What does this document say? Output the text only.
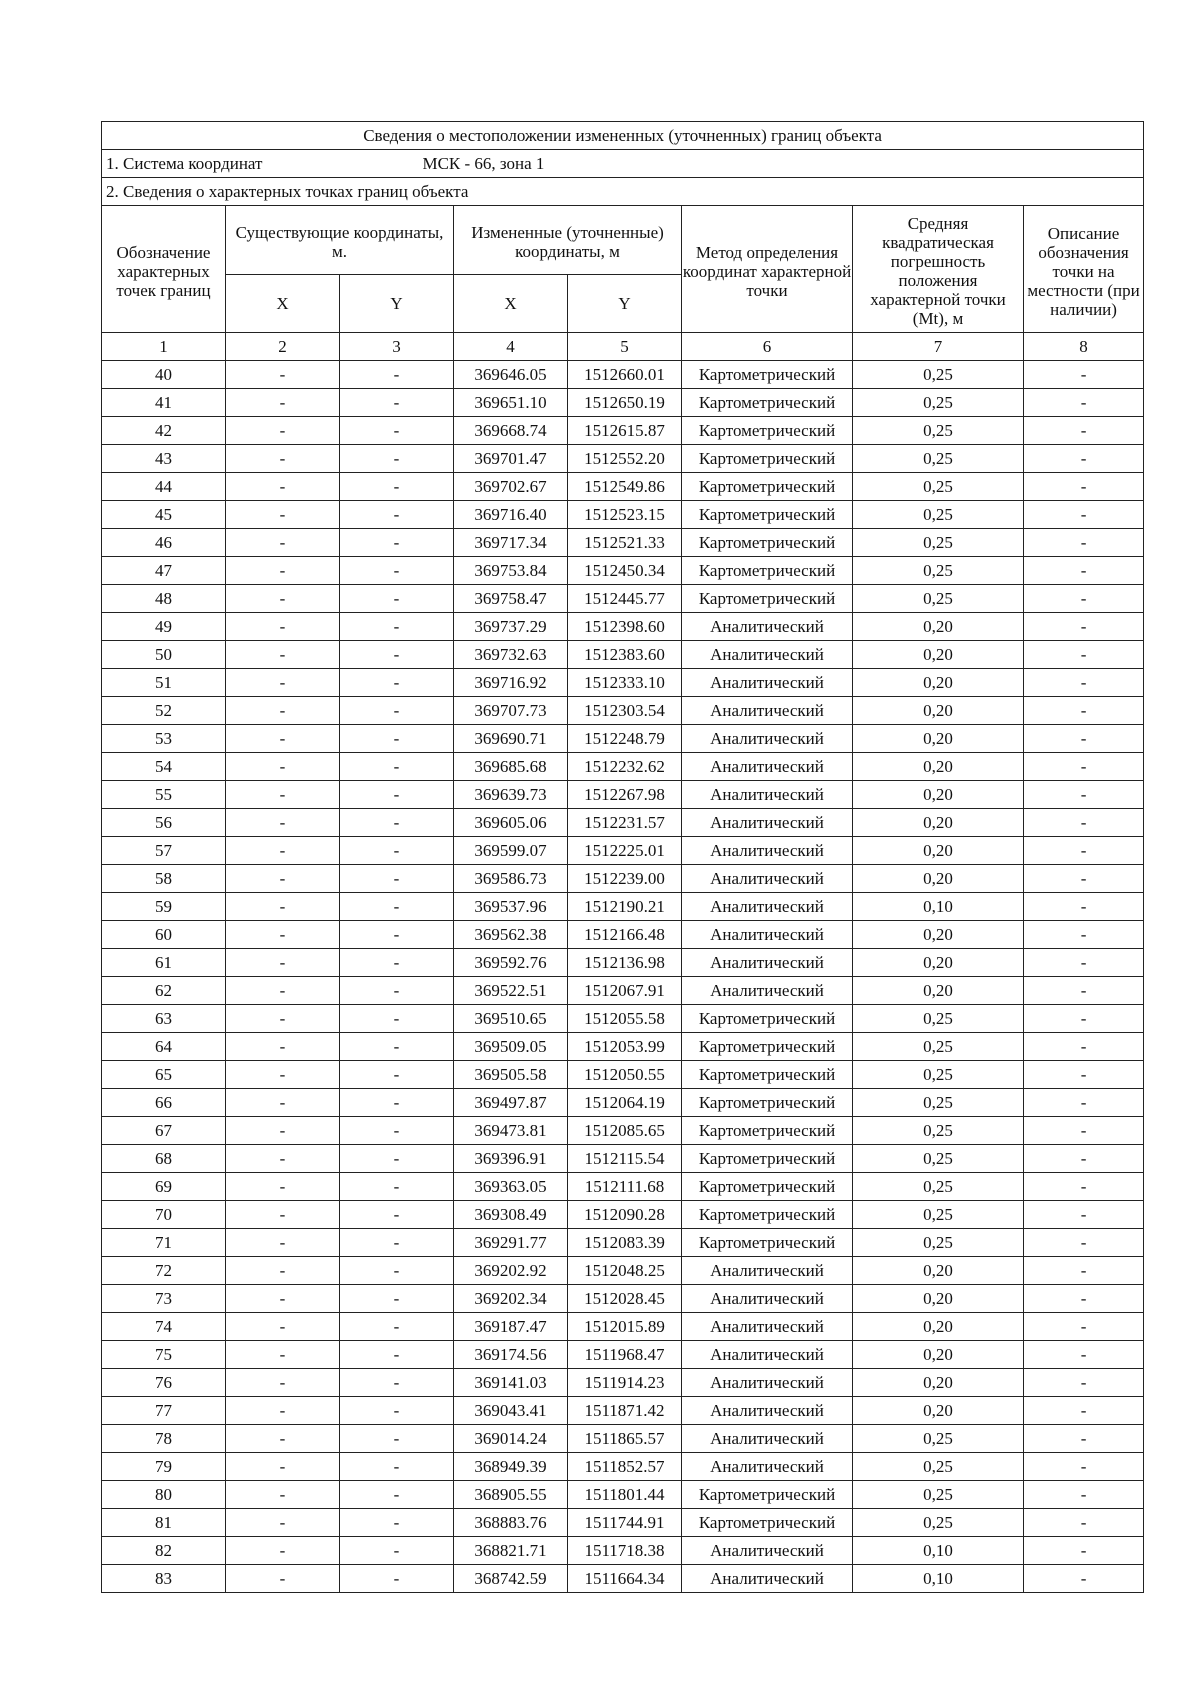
Сведения о местоположении измененных (уточненных) границ объекта							
1. Система координат МСК - 66, зона 1							
2. Сведения о характерных точках границ объекта							

Обозначение характерных точек границ	Существующие координаты, м.		Измененные (уточненные) координаты, м		Метод определения координат характерной точки	Средняя квадратическая погрешность положения характерной точки (Mt), м	Описание обозначения точки на местности (при наличии)

	X	Y	X	Y			
1	2	3	4	5	6	7	8
40	-	-	369646.05	1512660.01	Картометрический	0,25	-
41	-	-	369651.10	1512650.19	Картометрический	0,25	-
42	-	-	369668.74	1512615.87	Картометрический	0,25	-
43	-	-	369701.47	1512552.20	Картометрический	0,25	-
44	-	-	369702.67	1512549.86	Картометрический	0,25	-
45	-	-	369716.40	1512523.15	Картометрический	0,25	-
46	-	-	369717.34	1512521.33	Картометрический	0,25	-
47	-	-	369753.84	1512450.34	Картометрический	0,25	-
48	-	-	369758.47	1512445.77	Картометрический	0,25	-
49	-	-	369737.29	1512398.60	Аналитический	0,20	-
50	-	-	369732.63	1512383.60	Аналитический	0,20	-
51	-	-	369716.92	1512333.10	Аналитический	0,20	-
52	-	-	369707.73	1512303.54	Аналитический	0,20	-
53	-	-	369690.71	1512248.79	Аналитический	0,20	-
54	-	-	369685.68	1512232.62	Аналитический	0,20	-
55	-	-	369639.73	1512267.98	Аналитический	0,20	-
56	-	-	369605.06	1512231.57	Аналитический	0,20	-
57	-	-	369599.07	1512225.01	Аналитический	0,20	-
58	-	-	369586.73	1512239.00	Аналитический	0,20	-
59	-	-	369537.96	1512190.21	Аналитический	0,10	-
60	-	-	369562.38	1512166.48	Аналитический	0,20	-
61	-	-	369592.76	1512136.98	Аналитический	0,20	-
62	-	-	369522.51	1512067.91	Аналитический	0,20	-
63	-	-	369510.65	1512055.58	Картометрический	0,25	-
64	-	-	369509.05	1512053.99	Картометрический	0,25	-
65	-	-	369505.58	1512050.55	Картометрический	0,25	-
66	-	-	369497.87	1512064.19	Картометрический	0,25	-
67	-	-	369473.81	1512085.65	Картометрический	0,25	-
68	-	-	369396.91	1512115.54	Картометрический	0,25	-
69	-	-	369363.05	1512111.68	Картометрический	0,25	-
70	-	-	369308.49	1512090.28	Картометрический	0,25	-
71	-	-	369291.77	1512083.39	Картометрический	0,25	-
72	-	-	369202.92	1512048.25	Аналитический	0,20	-
73	-	-	369202.34	1512028.45	Аналитический	0,20	-
74	-	-	369187.47	1512015.89	Аналитический	0,20	-
75	-	-	369174.56	1511968.47	Аналитический	0,20	-
76	-	-	369141.03	1511914.23	Аналитический	0,20	-
77	-	-	369043.41	1511871.42	Аналитический	0,20	-
78	-	-	369014.24	1511865.57	Аналитический	0,25	-
79	-	-	368949.39	1511852.57	Аналитический	0,25	-
80	-	-	368905.55	1511801.44	Картометрический	0,25	-
81	-	-	368883.76	1511744.91	Картометрический	0,25	-
82	-	-	368821.71	1511718.38	Аналитический	0,10	-
83	-	-	368742.59	1511664.34	Аналитический	0,10	-
